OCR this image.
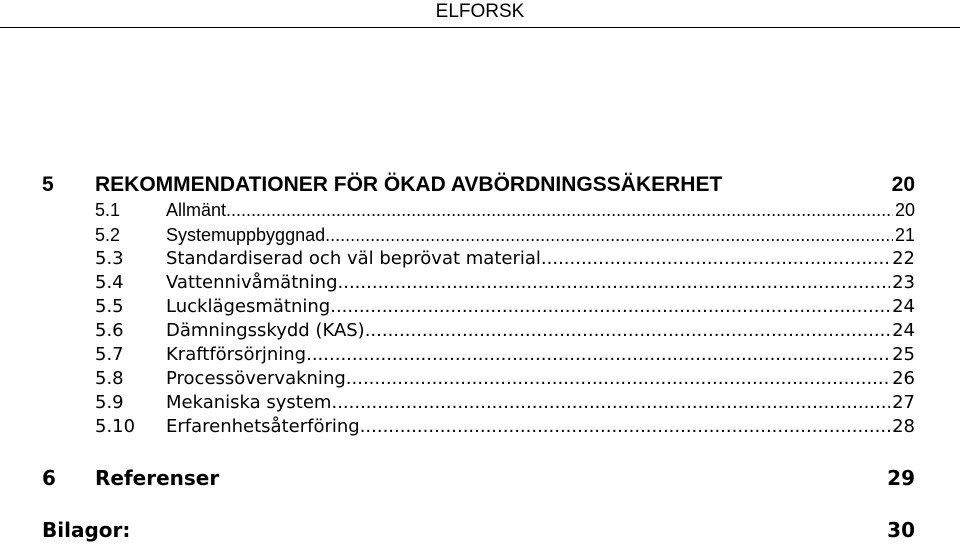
ELFORSK
5 REKOMMENDATIONER FÖR ÖKAD AVBÖRDNINGSSÄKERHET	20
5.1	Allmänt .....	20
5.2	Systemuppbyggnad .....	21
5.3 Standardiserad och väl beprövat material .....	22
5.4 Vattennivåmätning .....	23
5.5 Lucklägesmätning .....	24
5.6 Dämningsskydd (KAS) .....	24
5.7 Kraftförsörjning .....	25
5.8 Processövervakning .....	26
5.9 Mekaniska system .....	27
5.10 Erfarenhetsåterföring .....	28
6 Referenser	29
Bilagor:	30
